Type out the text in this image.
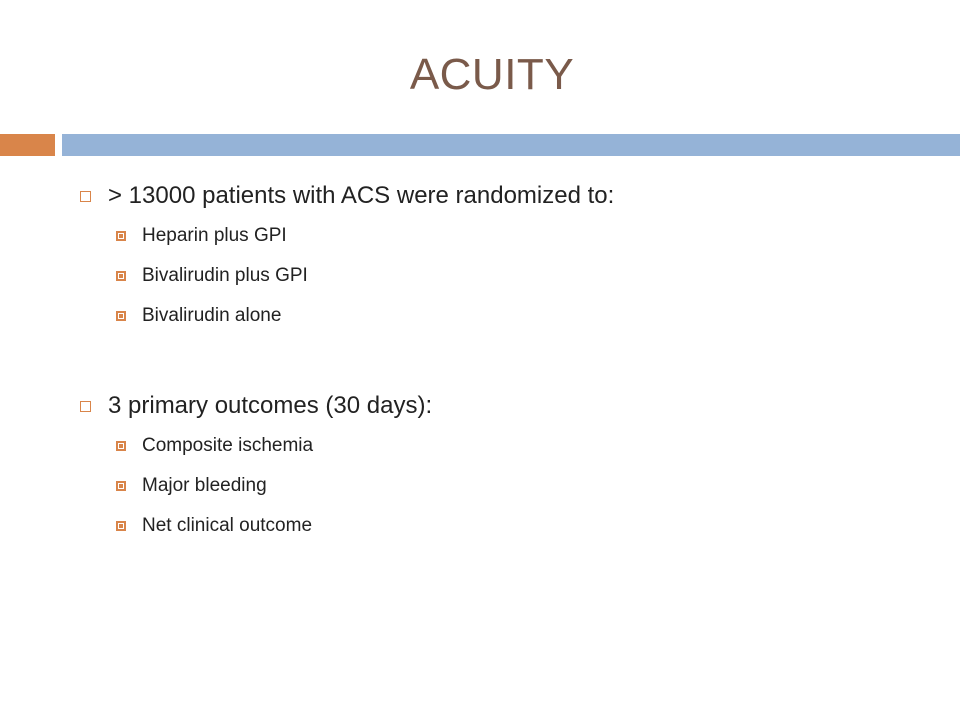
ACUITY
> 13000 patients with ACS were randomized to:
Heparin plus GPI
Bivalirudin plus GPI
Bivalirudin alone
3 primary outcomes (30 days):
Composite ischemia
Major bleeding
Net clinical outcome
